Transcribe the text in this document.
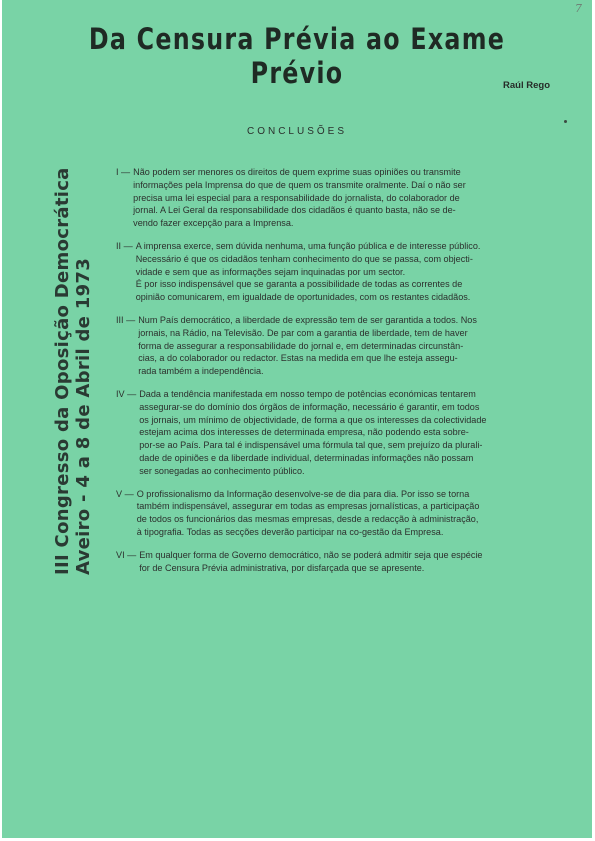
7
Da Censura Prévia ao Exame Prévio	Raúl Rego
CONCLUSÕES
III Congresso da Oposição Democrática Aveiro - 4 a 8 de Abril de 1973
I — Não podem ser menores os direitos de quem exprime suas opiniões ou transmite
informações pela Imprensa do que de quem os transmite oralmente. Daí o não ser
precisa uma lei especial para a responsabilidade do jornalista, do colaborador de
jornal. A Lei Geral da responsabilidade dos cidadãos é quanto basta, não se de-
vendo fazer excepção para a Imprensa.
II — A imprensa exerce, sem dúvida nenhuma, uma função pública e de interesse público.
Necessário é que os cidadãos tenham conhecimento do que se passa, com objecti-
vidade e sem que as informações sejam inquinadas por um sector.
É por isso indispensável que se garanta a possibilidade de todas as correntes de
opinião comunicarem, em igualdade de oportunidades, com os restantes cidadãos.
III — Num País democrático, a liberdade de expressão tem de ser garantida a todos. Nos
jornais, na Rádio, na Televisão. De par com a garantia de liberdade, tem de haver
forma de assegurar a responsabilidade do jornal e, em determinadas circunstân-
cias, a do colaborador ou redactor. Estas na medida em que lhe esteja assegu-
rada também a independência.
IV — Dada a tendência manifestada em nosso tempo de potências económicas tentarem
assegurar-se do domínio dos órgãos de informação, necessário é garantir, em todos
os jornais, um mínimo de objectividade, de forma a que os interesses da colectividade
estejam acima dos interesses de determinada empresa, não podendo esta sobre-
por-se ao País. Para tal é indispensável uma fórmula tal que, sem prejuízo da plurali-
dade de opiniões e da liberdade individual, determinadas informações não possam
ser sonegadas ao conhecimento público.
V — O profissionalismo da Informação desenvolve-se de dia para dia. Por isso se torna
também indispensável, assegurar em todas as empresas jornalísticas, a participação
de todos os funcionários das mesmas empresas, desde a redacção à administração,
à tipografia. Todas as secções deverão participar na co-gestão da Empresa.
VI — Em qualquer forma de Governo democrático, não se poderá admitir seja que espécie
for de Censura Prévia administrativa, por disfarçada que se apresente.
